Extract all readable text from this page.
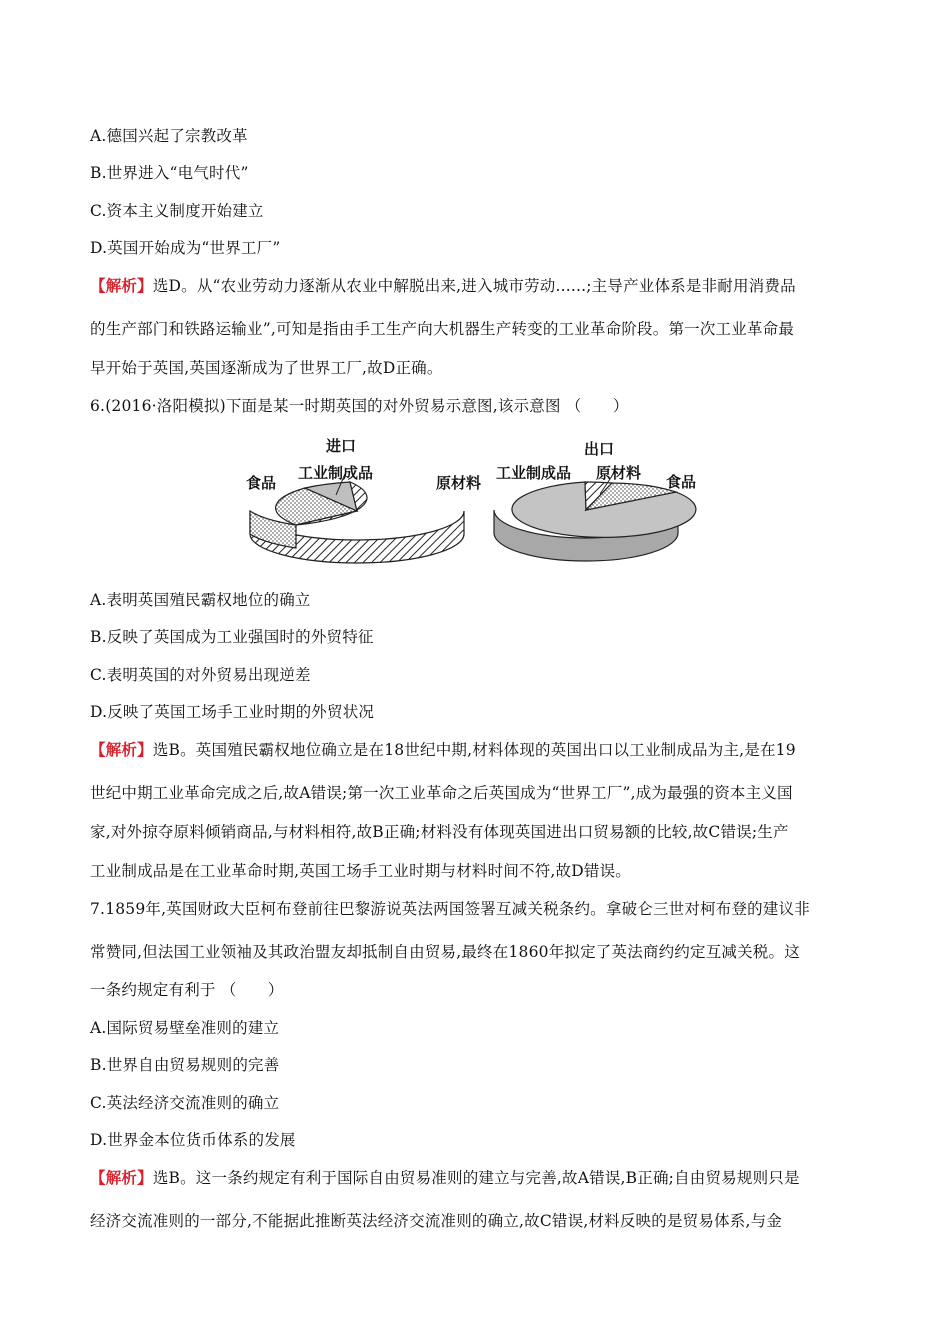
A.德国兴起了宗教改革
B.世界进入“电气时代”
C.资本主义制度开始建立
D.英国开始成为“世界工厂”
【解析】选D。从“农业劳动力逐渐从农业中解脱出来,进入城市劳动......;主导产业体系是非耐用消费品
的生产部门和铁路运输业”,可知是指由手工生产向大机器生产转变的工业革命阶段。第一次工业革命最
早开始于英国,英国逐渐成为了世界工厂,故D正确。
6.(2016·洛阳模拟)下面是某一时期英国的对外贸易示意图,该示意图 （　　）
进口
食品
工业制成品
原材料
出口
工业制成品 原材料 食品
A.表明英国殖民霸权地位的确立
B.反映了英国成为工业强国时的外贸特征
C.表明英国的对外贸易出现逆差
D.反映了英国工场手工业时期的外贸状况
【解析】选B。英国殖民霸权地位确立是在18世纪中期,材料体现的英国出口以工业制成品为主,是在19
世纪中期工业革命完成之后,故A错误;第一次工业革命之后英国成为“世界工厂”,成为最强的资本主义国
家,对外掠夺原料倾销商品,与材料相符,故B正确;材料没有体现英国进出口贸易额的比较,故C错误;生产
工业制成品是在工业革命时期,英国工场手工业时期与材料时间不符,故D错误。
7.1859年,英国财政大臣柯布登前往巴黎游说英法两国签署互减关税条约。拿破仑三世对柯布登的建议非
常赞同,但法国工业领袖及其政治盟友却抵制自由贸易,最终在1860年拟定了英法商约约定互减关税。这
一条约规定有利于 （　　）
A.国际贸易壁垒准则的建立
B.世界自由贸易规则的完善
C.英法经济交流准则的确立
D.世界金本位货币体系的发展
【解析】选B。这一条约规定有利于国际自由贸易准则的建立与完善,故A错误,B正确;自由贸易规则只是
经济交流准则的一部分,不能据此推断英法经济交流准则的确立,故C错误,材料反映的是贸易体系,与金
